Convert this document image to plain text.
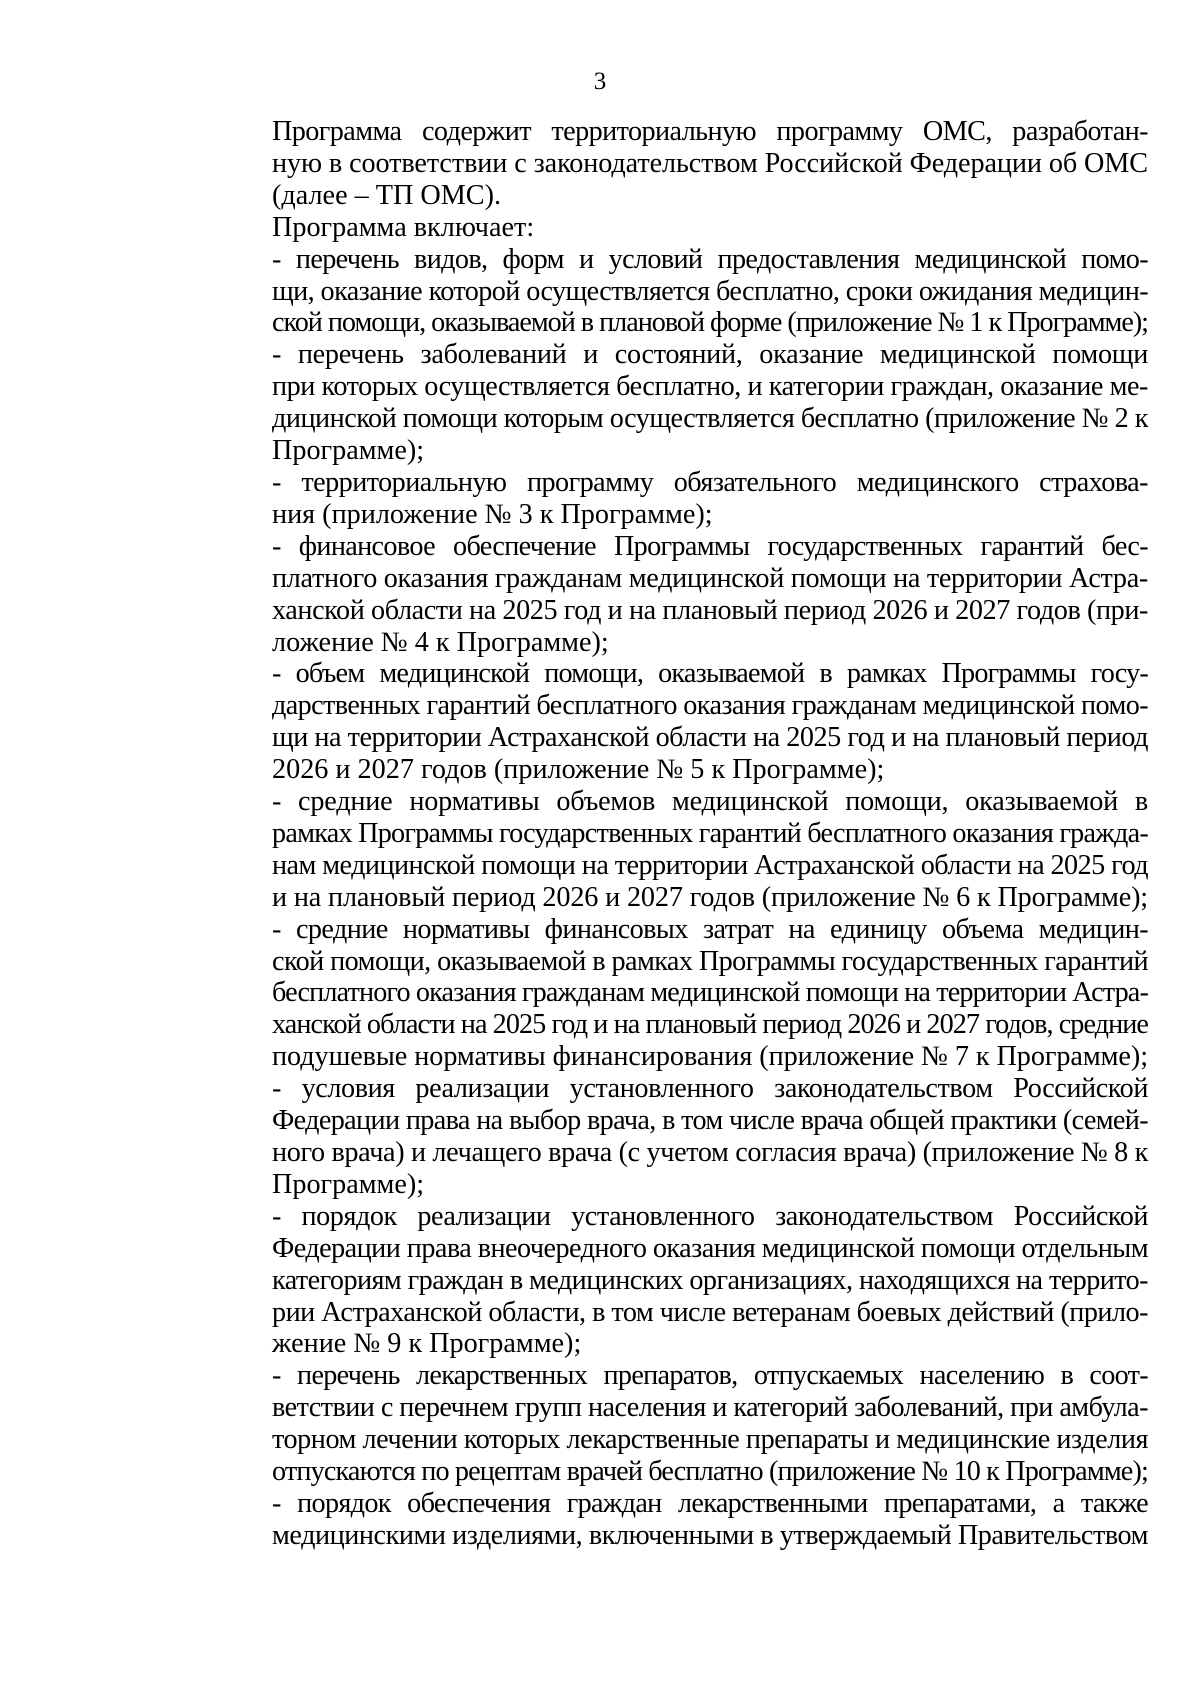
3
Программа содержит территориальную программу ОМС, разработан-
ную в соответствии с законодательством Российской Федерации об ОМС
(далее – ТП ОМС).
Программа включает:
- перечень видов, форм и условий предоставления медицинской помо-
щи, оказание которой осуществляется бесплатно, сроки ожидания медицин-
ской помощи, оказываемой в плановой форме (приложение № 1 к Программе);
- перечень заболеваний и состояний, оказание медицинской помощи
при которых осуществляется бесплатно, и категории граждан, оказание ме-
дицинской помощи которым осуществляется бесплатно (приложение № 2 к
Программе);
- территориальную программу обязательного медицинского страхова-
ния (приложение № 3 к Программе);
- финансовое обеспечение Программы государственных гарантий бес-
платного оказания гражданам медицинской помощи на территории Астра-
ханской области на 2025 год и на плановый период 2026 и 2027 годов (при-
ложение № 4 к Программе);
- объем медицинской помощи, оказываемой в рамках Программы госу-
дарственных гарантий бесплатного оказания гражданам медицинской помо-
щи на территории Астраханской области на 2025 год и на плановый период
2026 и 2027 годов (приложение № 5 к Программе);
- средние нормативы объемов медицинской помощи, оказываемой в
рамках Программы государственных гарантий бесплатного оказания гражда-
нам медицинской помощи на территории Астраханской области на 2025 год
и на плановый период 2026 и 2027 годов (приложение № 6 к Программе);
- средние нормативы финансовых затрат на единицу объема медицин-
ской помощи, оказываемой в рамках Программы государственных гарантий
бесплатного оказания гражданам медицинской помощи на территории Астра-
ханской области на 2025 год и на плановый период 2026 и 2027 годов, средние
подушевые нормативы финансирования (приложение № 7 к Программе);
- условия реализации установленного законодательством Российской
Федерации права на выбор врача, в том числе врача общей практики (семей-
ного врача) и лечащего врача (с учетом согласия врача) (приложение № 8 к
Программе);
- порядок реализации установленного законодательством Российской
Федерации права внеочередного оказания медицинской помощи отдельным
категориям граждан в медицинских организациях, находящихся на террито-
рии Астраханской области, в том числе ветеранам боевых действий (прило-
жение № 9 к Программе);
- перечень лекарственных препаратов, отпускаемых населению в соот-
ветствии с перечнем групп населения и категорий заболеваний, при амбула-
торном лечении которых лекарственные препараты и медицинские изделия
отпускаются по рецептам врачей бесплатно (приложение № 10 к Программе);
- порядок обеспечения граждан лекарственными препаратами, а также
медицинскими изделиями, включенными в утверждаемый Правительством
